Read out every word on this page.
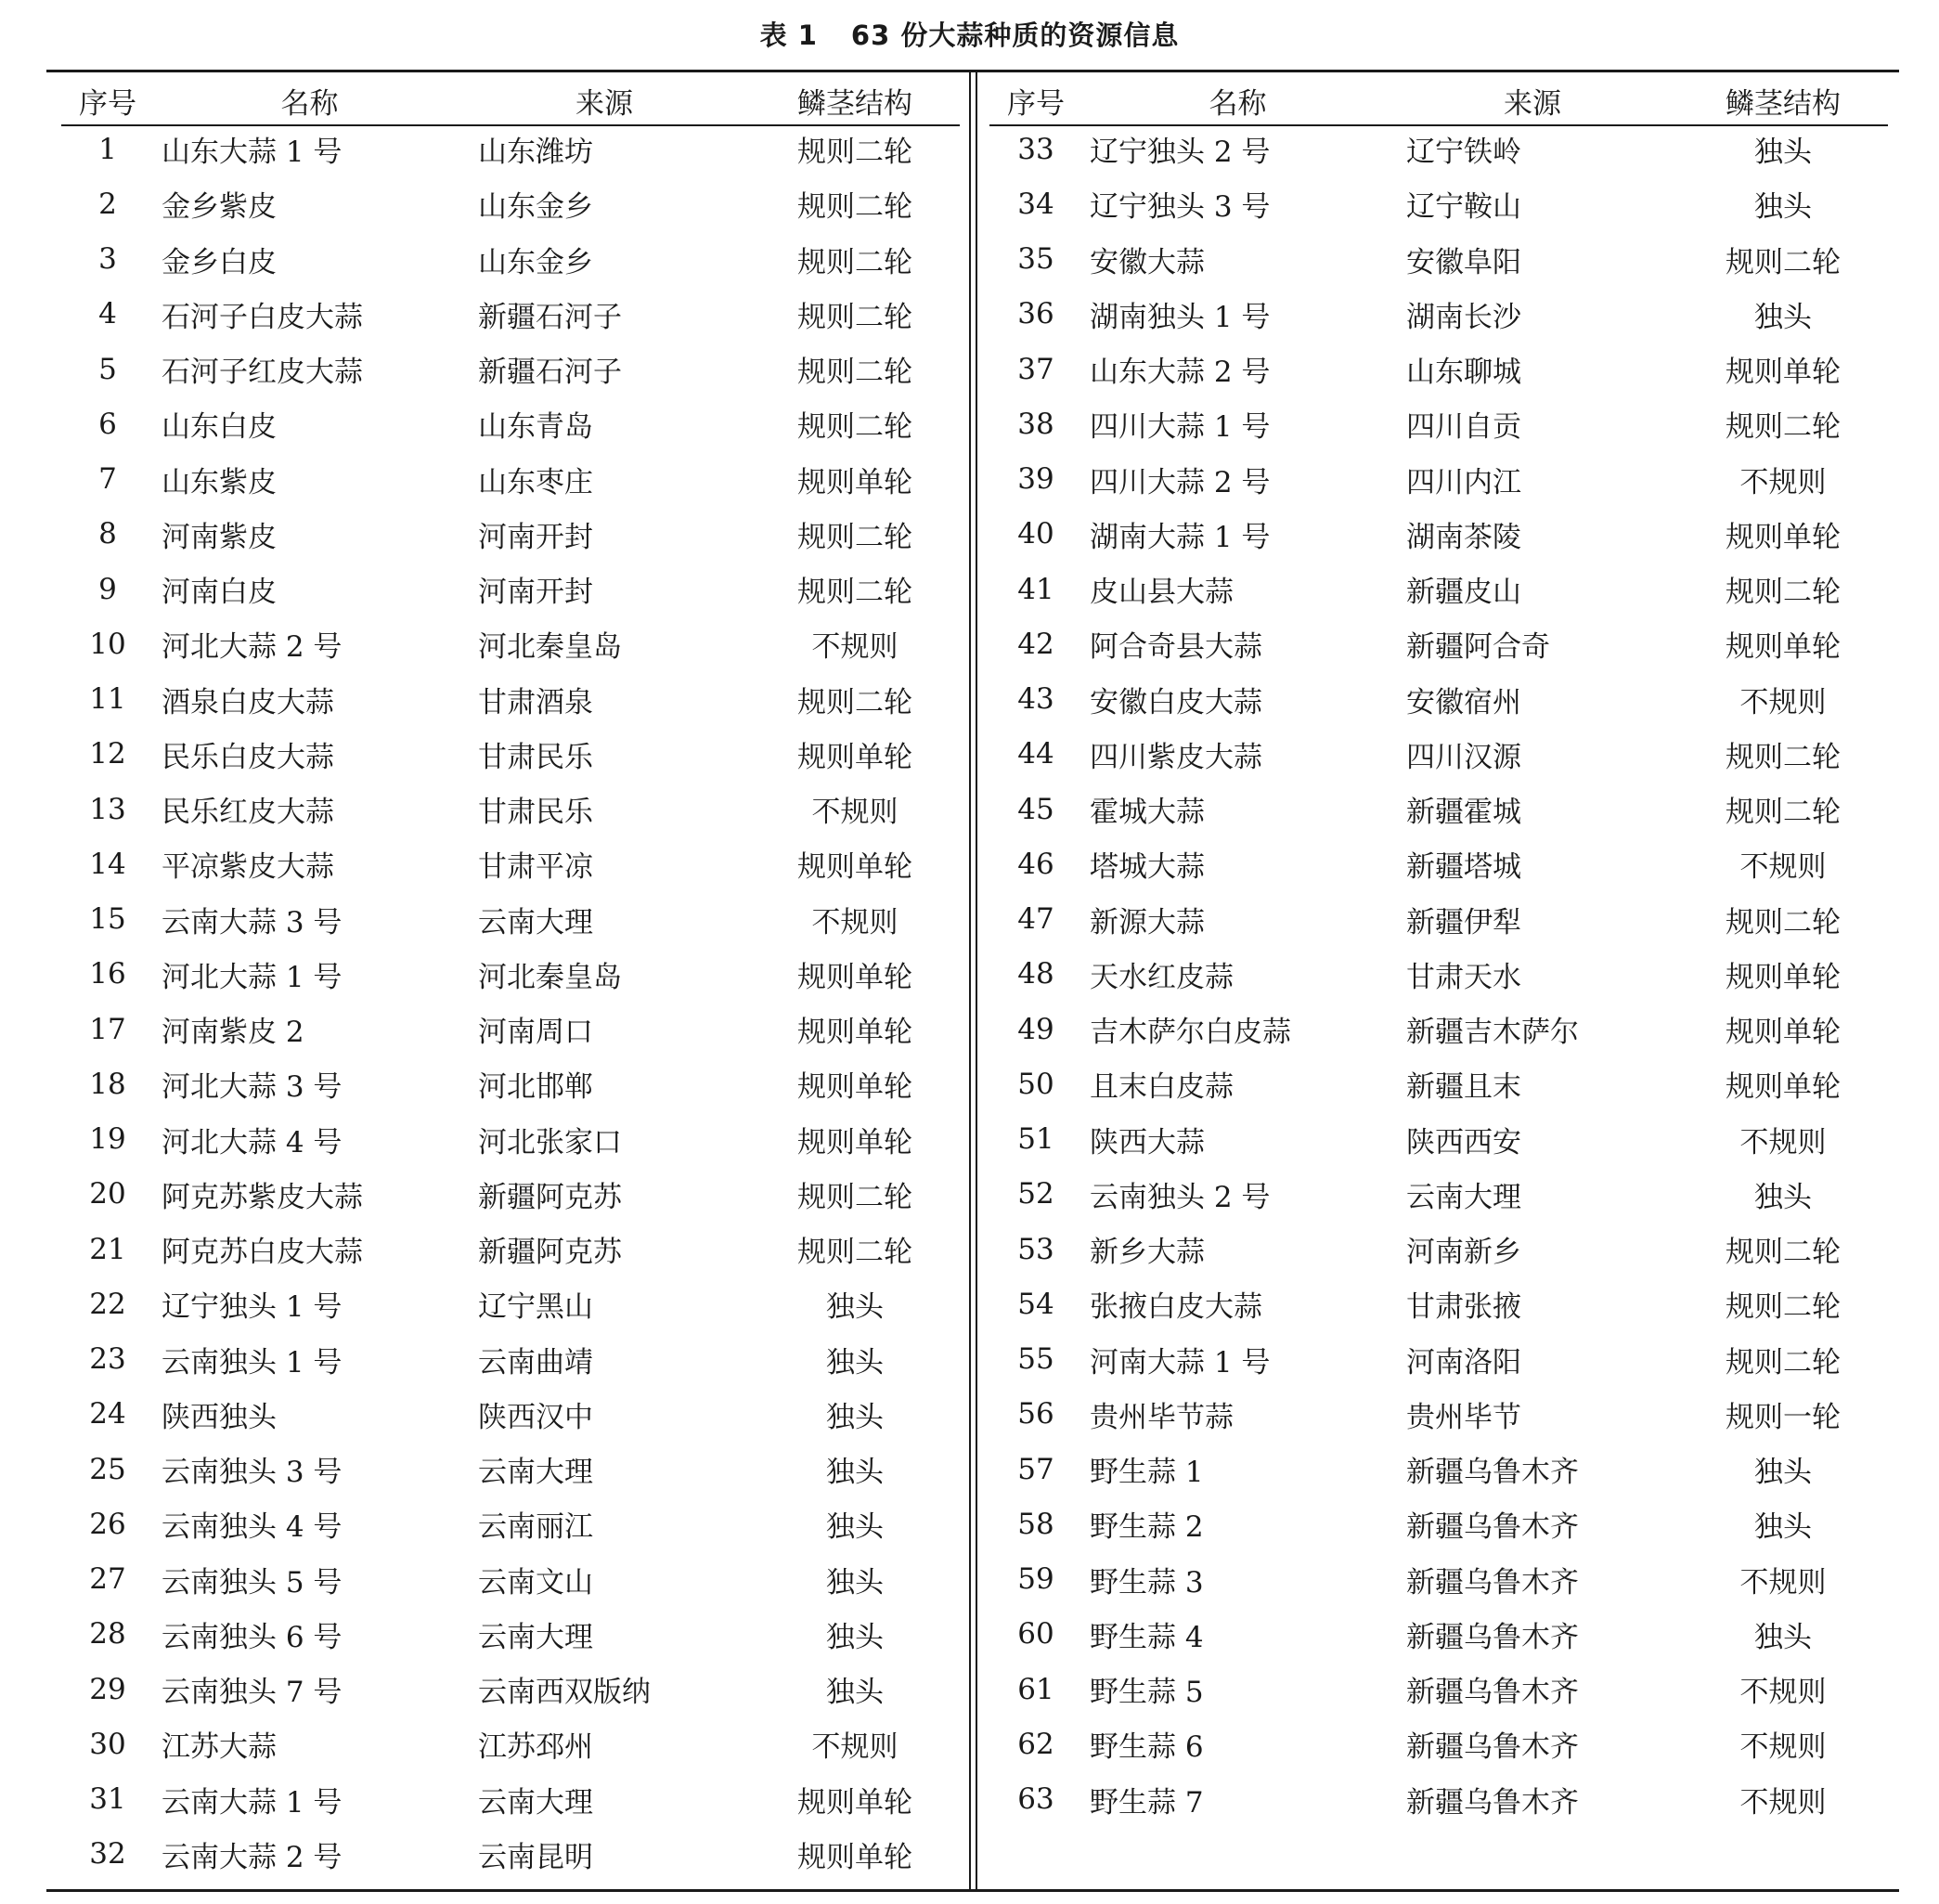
表 1 63 份大蒜种质的资源信息
序号	名称	来源	鳞茎结构
1	山东大蒜 1 号	山东潍坊	规则二轮
2	金乡紫皮	山东金乡	规则二轮
3	金乡白皮	山东金乡	规则二轮
4	石河子白皮大蒜	新疆石河子	规则二轮
5	石河子红皮大蒜	新疆石河子	规则二轮
6	山东白皮	山东青岛	规则二轮
7	山东紫皮	山东枣庄	规则单轮
8	河南紫皮	河南开封	规则二轮
9	河南白皮	河南开封	规则二轮
10	河北大蒜 2 号	河北秦皇岛	不规则
11	酒泉白皮大蒜	甘肃酒泉	规则二轮
12	民乐白皮大蒜	甘肃民乐	规则单轮
13	民乐红皮大蒜	甘肃民乐	不规则
14	平凉紫皮大蒜	甘肃平凉	规则单轮
15	云南大蒜 3 号	云南大理	不规则
16	河北大蒜 1 号	河北秦皇岛	规则单轮
17	河南紫皮 2	河南周口	规则单轮
18	河北大蒜 3 号	河北邯郸	规则单轮
19	河北大蒜 4 号	河北张家口	规则单轮
20	阿克苏紫皮大蒜	新疆阿克苏	规则二轮
21	阿克苏白皮大蒜	新疆阿克苏	规则二轮
22	辽宁独头 1 号	辽宁黑山	独头
23	云南独头 1 号	云南曲靖	独头
24	陕西独头	陕西汉中	独头
25	云南独头 3 号	云南大理	独头
26	云南独头 4 号	云南丽江	独头
27	云南独头 5 号	云南文山	独头
28	云南独头 6 号	云南大理	独头
29	云南独头 7 号	云南西双版纳	独头
30	江苏大蒜	江苏邳州	不规则
31	云南大蒜 1 号	云南大理	规则单轮
32	云南大蒜 2 号	云南昆明	规则单轮
序号	名称	来源	鳞茎结构
33	辽宁独头 2 号	辽宁铁岭	独头
34	辽宁独头 3 号	辽宁鞍山	独头
35	安徽大蒜	安徽阜阳	规则二轮
36	湖南独头 1 号	湖南长沙	独头
37	山东大蒜 2 号	山东聊城	规则单轮
38	四川大蒜 1 号	四川自贡	规则二轮
39	四川大蒜 2 号	四川内江	不规则
40	湖南大蒜 1 号	湖南茶陵	规则单轮
41	皮山县大蒜	新疆皮山	规则二轮
42	阿合奇县大蒜	新疆阿合奇	规则单轮
43	安徽白皮大蒜	安徽宿州	不规则
44	四川紫皮大蒜	四川汉源	规则二轮
45	霍城大蒜	新疆霍城	规则二轮
46	塔城大蒜	新疆塔城	不规则
47	新源大蒜	新疆伊犁	规则二轮
48	天水红皮蒜	甘肃天水	规则单轮
49	吉木萨尔白皮蒜	新疆吉木萨尔	规则单轮
50	且末白皮蒜	新疆且末	规则单轮
51	陕西大蒜	陕西西安	不规则
52	云南独头 2 号	云南大理	独头
53	新乡大蒜	河南新乡	规则二轮
54	张掖白皮大蒜	甘肃张掖	规则二轮
55	河南大蒜 1 号	河南洛阳	规则二轮
56	贵州毕节蒜	贵州毕节	规则一轮
57	野生蒜 1	新疆乌鲁木齐	独头
58	野生蒜 2	新疆乌鲁木齐	独头
59	野生蒜 3	新疆乌鲁木齐	不规则
60	野生蒜 4	新疆乌鲁木齐	独头
61	野生蒜 5	新疆乌鲁木齐	不规则
62	野生蒜 6	新疆乌鲁木齐	不规则
63	野生蒜 7	新疆乌鲁木齐	不规则
